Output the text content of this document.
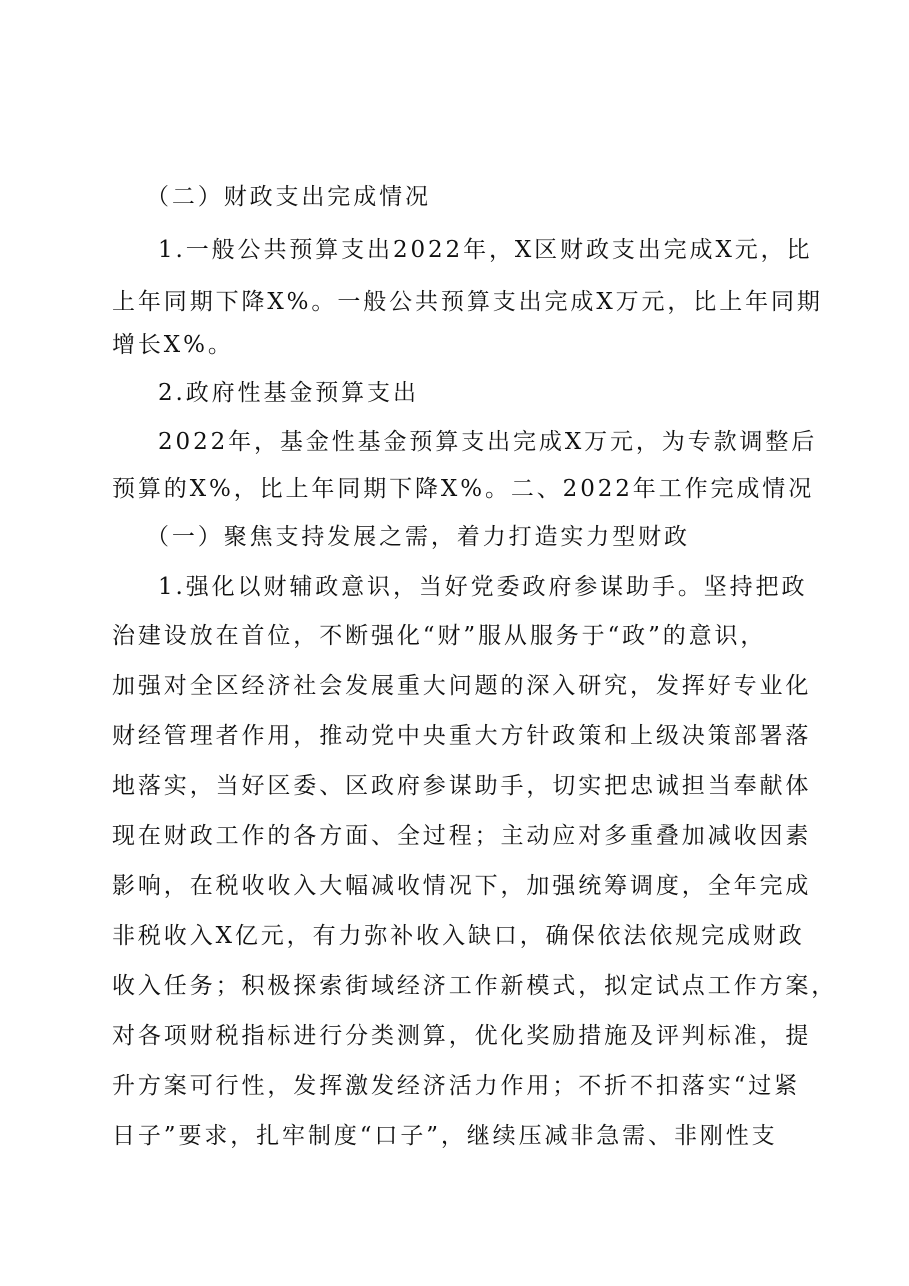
（二）财政支出完成情况
1.一般公共预算支出2022年，X区财政支出完成X元，比
上年同期下降X%。一般公共预算支出完成X万元，比上年同期
增长X%。
2.政府性基金预算支出
2022年，基金性基金预算支出完成X万元，为专款调整后
预算的X%，比上年同期下降X%。二、2022年工作完成情况
（一）聚焦支持发展之需，着力打造实力型财政
1.强化以财辅政意识，当好党委政府参谋助手。坚持把政
治建设放在首位，不断强化“财”服从服务于“政”的意识，
加强对全区经济社会发展重大问题的深入研究，发挥好专业化
财经管理者作用，推动党中央重大方针政策和上级决策部署落
地落实，当好区委、区政府参谋助手，切实把忠诚担当奉献体
现在财政工作的各方面、全过程；主动应对多重叠加减收因素
影响，在税收收入大幅减收情况下，加强统筹调度，全年完成
非税收入X亿元，有力弥补收入缺口，确保依法依规完成财政
收入任务；积极探索街域经济工作新模式，拟定试点工作方案，
对各项财税指标进行分类测算，优化奖励措施及评判标准，提
升方案可行性，发挥激发经济活力作用；不折不扣落实“过紧
日子”要求，扎牢制度“口子”，继续压减非急需、非刚性支
